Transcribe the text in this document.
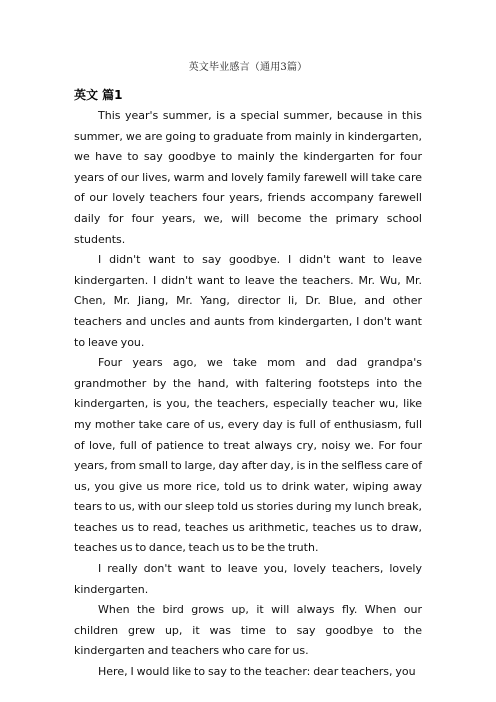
英文毕业感言（通用3篇）
英文 篇1

This year's summer, is a special summer, because in this summer, we are going to graduate from mainly in kindergarten, we have to say goodbye to mainly the kindergarten for four years of our lives, warm and lovely family farewell will take care of our lovely teachers four years, friends accompany farewell daily for four years, we, will become the primary school students.

I didn't want to say goodbye. I didn't want to leave kindergarten. I didn't want to leave the teachers. Mr. Wu, Mr. Chen, Mr. Jiang, Mr. Yang, director li, Dr. Blue, and other teachers and uncles and aunts from kindergarten, I don't want to leave you.

Four years ago, we take mom and dad grandpa's grandmother by the hand, with faltering footsteps into the kindergarten, is you, the teachers, especially teacher wu, like my mother take care of us, every day is full of enthusiasm, full of love, full of patience to treat always cry, noisy we. For four years, from small to large, day after day, is in the selfless care of us, you give us more rice, told us to drink water, wiping away tears to us, with our sleep told us stories during my lunch break, teaches us to read, teaches us arithmetic, teaches us to draw, teaches us to dance, teach us to be the truth.

I really don't want to leave you, lovely teachers, lovely kindergarten.

When the bird grows up, it will always fly. When our children grew up, it was time to say goodbye to the kindergarten and teachers who care for us.

Here, I would like to say to the teacher: dear teachers, you
